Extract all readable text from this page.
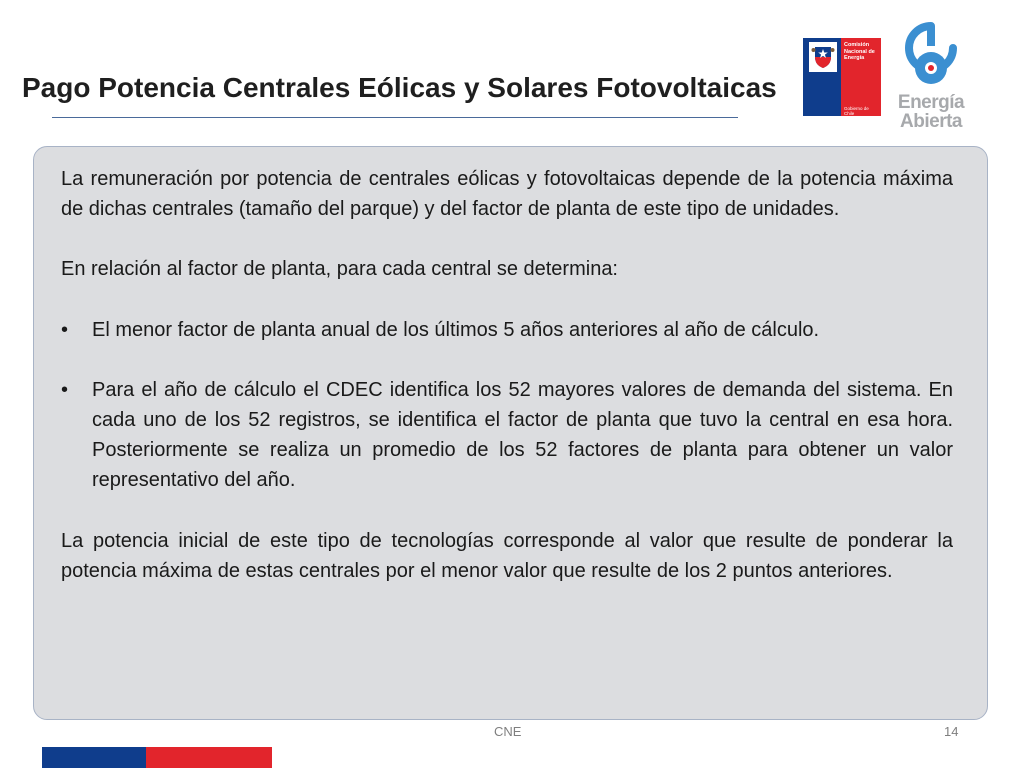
Pago Potencia Centrales Eólicas y Solares Fotovoltaicas
Comisión
Nacional de
Energía
Gobierno de Chile
Energía
Abierta

La remuneración por potencia de centrales eólicas y fotovoltaicas depende de la potencia máxima de dichas centrales (tamaño del parque) y del factor de planta de este tipo de unidades.

En relación al factor de planta, para cada central se determina:

• El menor factor de planta anual de los últimos 5 años anteriores al año de cálculo.
• Para el año de cálculo el CDEC identifica los 52 mayores valores de demanda del sistema. En cada uno de los 52 registros, se identifica el factor de planta que tuvo la central en esa hora. Posteriormente se realiza un promedio de los 52 factores de planta para obtener un valor representativo del año.

La potencia inicial de este tipo de tecnologías corresponde al valor que resulte de ponderar la potencia máxima de estas centrales por el menor valor que resulte de los 2 puntos anteriores.

CNE	14
